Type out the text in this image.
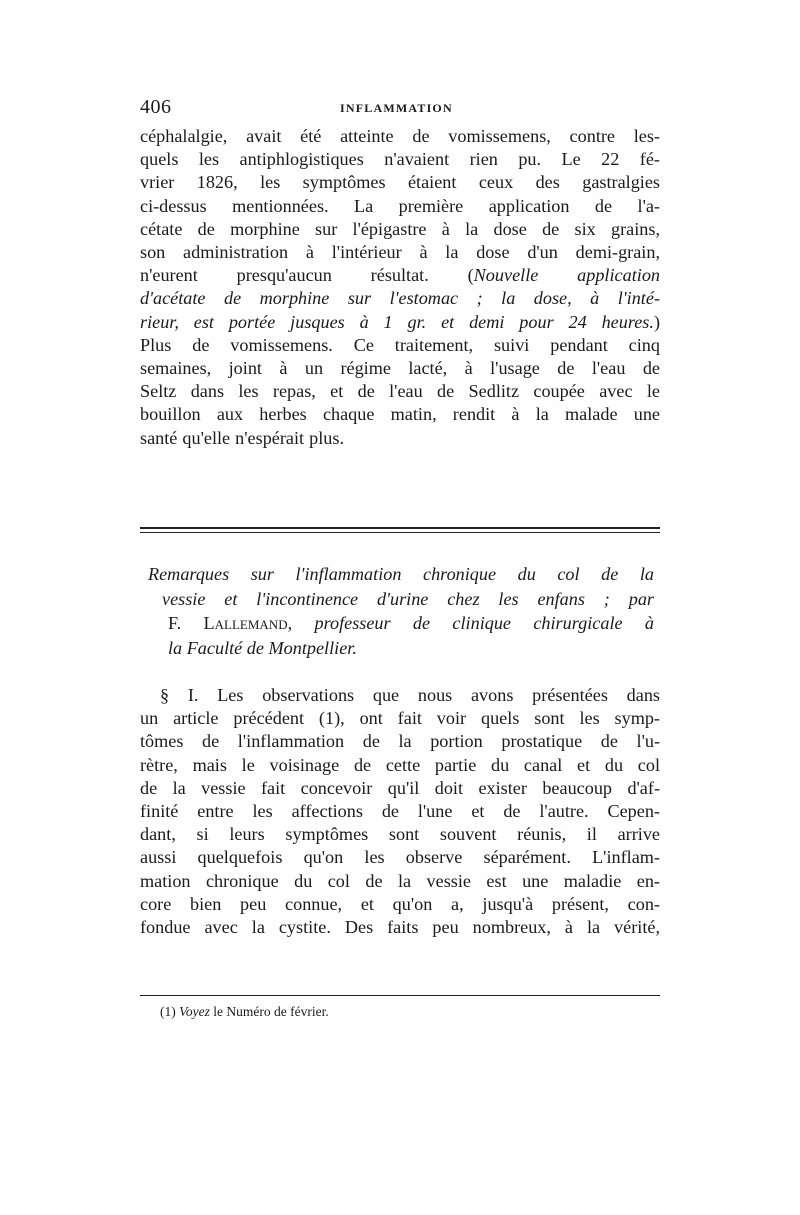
406	INFLAMMATION
céphalalgie, avait été atteinte de vomissemens, contre les-
quels les antiphlogistiques n'avaient rien pu. Le 22 fé-
vrier 1826, les symptômes étaient ceux des gastralgies
ci-dessus mentionnées. La première application de l'a-
cétate de morphine sur l'épigastre à la dose de six grains,
son administration à l'intérieur à la dose d'un demi-grain,
n'eurent presqu'aucun résultat. (Nouvelle application
d'acétate de morphine sur l'estomac ; la dose, à l'inté-
rieur, est portée jusques à 1 gr. et demi pour 24 heures.)
Plus de vomissemens. Ce traitement, suivi pendant cinq
semaines, joint à un régime lacté, à l'usage de l'eau de
Seltz dans les repas, et de l'eau de Sedlitz coupée avec le
bouillon aux herbes chaque matin, rendit à la malade une
santé qu'elle n'espérait plus.
Remarques sur l'inflammation chronique du col de la
vessie et l'incontinence d'urine chez les enfans ; par
F. Lallemand, professeur de clinique chirurgicale à
la Faculté de Montpellier.
§ I. Les observations que nous avons présentées dans
un article précédent (1), ont fait voir quels sont les symp-
tômes de l'inflammation de la portion prostatique de l'u-
rètre, mais le voisinage de cette partie du canal et du col
de la vessie fait concevoir qu'il doit exister beaucoup d'af-
finité entre les affections de l'une et de l'autre. Cepen-
dant, si leurs symptômes sont souvent réunis, il arrive
aussi quelquefois qu'on les observe séparément. L'inflam-
mation chronique du col de la vessie est une maladie en-
core bien peu connue, et qu'on a, jusqu'à présent, con-
fondue avec la cystite. Des faits peu nombreux, à la vérité,
(1) Voyez le Numéro de février.
